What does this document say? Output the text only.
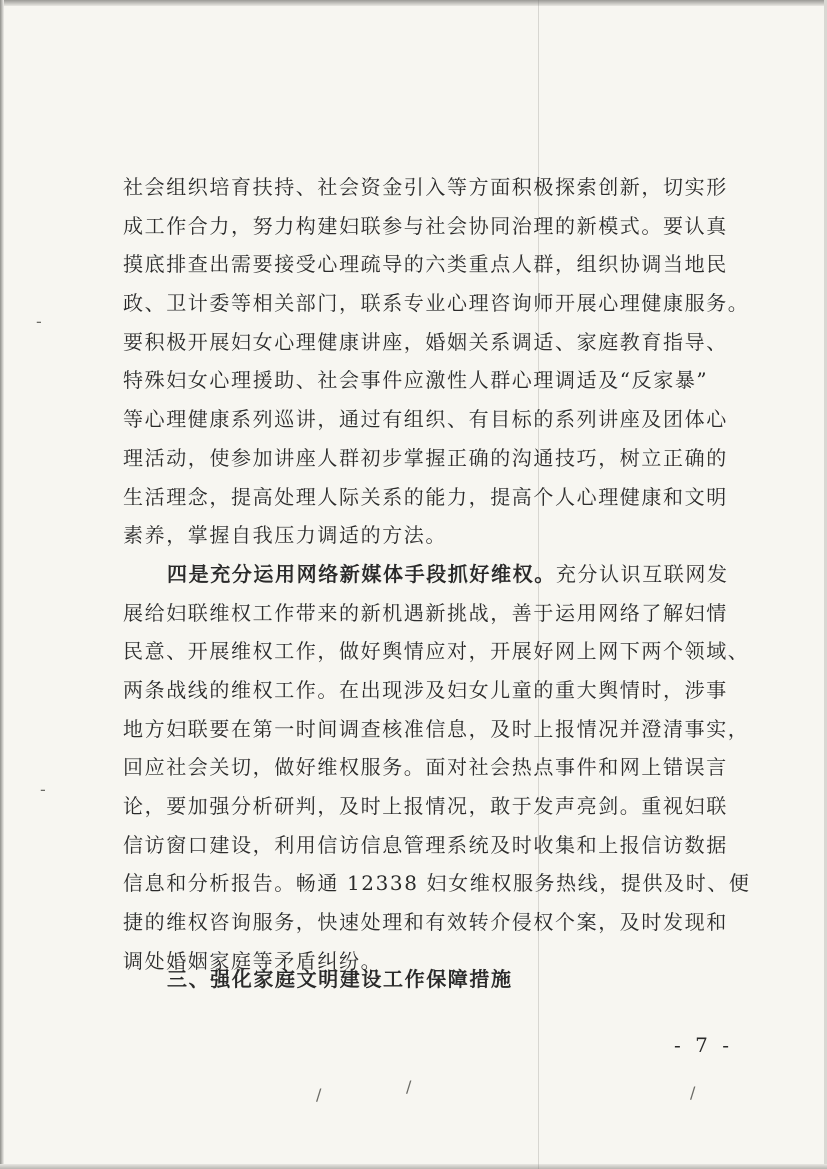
社会组织培育扶持、社会资金引入等方面积极探索创新，切实形
成工作合力，努力构建妇联参与社会协同治理的新模式。要认真
摸底排查出需要接受心理疏导的六类重点人群，组织协调当地民
政、卫计委等相关部门，联系专业心理咨询师开展心理健康服务。
要积极开展妇女心理健康讲座，婚姻关系调适、家庭教育指导、
特殊妇女心理援助、社会事件应激性人群心理调适及“反家暴”
等心理健康系列巡讲，通过有组织、有目标的系列讲座及团体心
理活动，使参加讲座人群初步掌握正确的沟通技巧，树立正确的
生活理念，提高处理人际关系的能力，提高个人心理健康和文明
素养，掌握自我压力调适的方法。
四是充分运用网络新媒体手段抓好维权。充分认识互联网发
展给妇联维权工作带来的新机遇新挑战，善于运用网络了解妇情
民意、开展维权工作，做好舆情应对，开展好网上网下两个领域、
两条战线的维权工作。在出现涉及妇女儿童的重大舆情时，涉事
地方妇联要在第一时间调查核准信息，及时上报情况并澄清事实，
回应社会关切，做好维权服务。面对社会热点事件和网上错误言
论，要加强分析研判，及时上报情况，敢于发声亮剑。重视妇联
信访窗口建设，利用信访信息管理系统及时收集和上报信访数据
信息和分析报告。畅通 12338 妇女维权服务热线，提供及时、便
捷的维权咨询服务，快速处理和有效转介侵权个案，及时发现和
调处婚姻家庭等矛盾纠纷。
三、强化家庭文明建设工作保障措施
- 7 -
-
-
/	/	/
